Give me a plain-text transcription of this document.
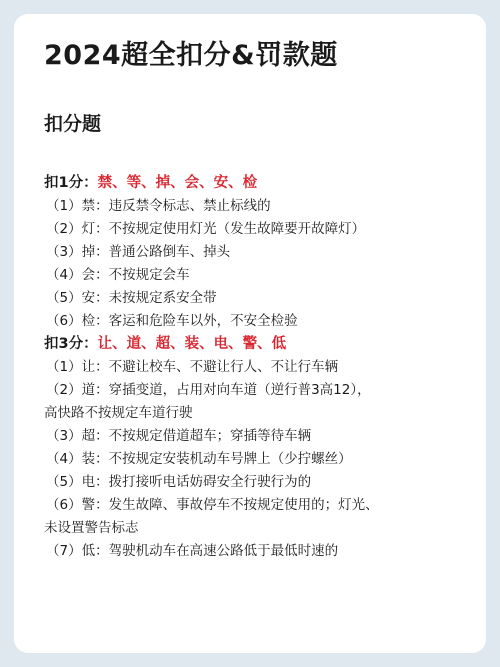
2024超全扣分&罚款题
扣分题
扣1分：禁、等、掉、会、安、检
（1）禁：违反禁令标志、禁止标线的
（2）灯：不按规定使用灯光（发生故障要开故障灯）
（3）掉：普通公路倒车、掉头
（4）会：不按规定会车
（5）安：未按规定系安全带
（6）检：客运和危险车以外，不安全检验
扣3分：让、道、超、装、电、警、低
（1）让：不避让校车、不避让行人、不让行车辆
（2）道：穿插变道，占用对向车道（逆行普3高12），
高快路不按规定车道行驶
（3）超：不按规定借道超车；穿插等待车辆
（4）装：不按规定安装机动车号牌上（少拧螺丝）
（5）电：拨打接听电话妨碍安全行驶行为的
（6）警：发生故障、事故停车不按规定使用的；灯光、
未设置警告标志
（7）低：驾驶机动车在高速公路低于最低时速的
